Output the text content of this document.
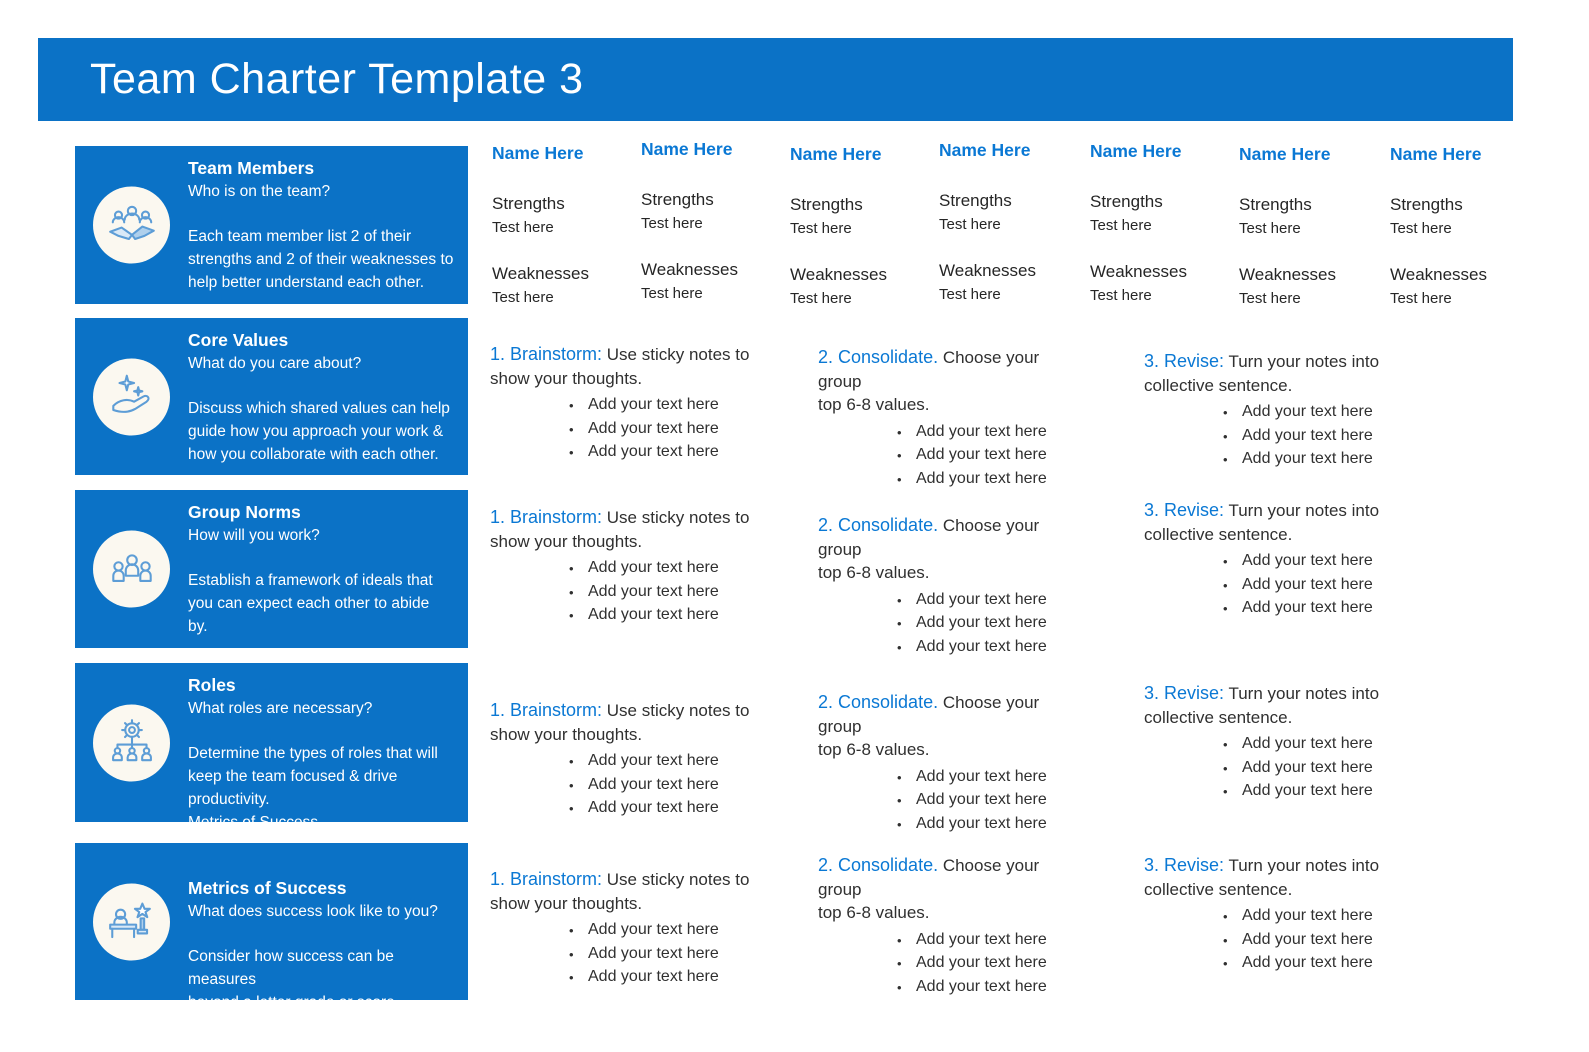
Team Charter Template 3
Team Members
Who is on the team?
Each team member list 2 of their
strengths and 2 of their weaknesses to
help better understand each other.
Core Values
What do you care about?
Discuss which shared values can help
guide how you approach your work &
how you collaborate with each other.
Group Norms
How will you work?
Establish a framework of ideals that
you can expect each other to abide
by.
Roles
What roles are necessary?
Determine the types of roles that will
keep the team focused & drive
productivity.
Metrics of Success
Metrics of Success
What does success look like to you?
Consider how success can be measures
beyond a letter grade or score
Name Here
Strengths
Test here
Weaknesses
Test here
Name Here
Strengths
Test here
Weaknesses
Test here
Name Here
Strengths
Test here
Weaknesses
Test here
Name Here
Strengths
Test here
Weaknesses
Test here
Name Here
Strengths
Test here
Weaknesses
Test here
Name Here
Strengths
Test here
Weaknesses
Test here
Name Here
Strengths
Test here
Weaknesses
Test here
1. Brainstorm: Use sticky notes to
show your thoughts.
• Add your text here
• Add your text here
• Add your text here
2. Consolidate. Choose your
group
top 6-8 values.
• Add your text here
• Add your text here
• Add your text here
3. Revise: Turn your notes into
collective sentence.
• Add your text here
• Add your text here
• Add your text here
1. Brainstorm: Use sticky notes to
show your thoughts.
• Add your text here
• Add your text here
• Add your text here
2. Consolidate. Choose your
group
top 6-8 values.
• Add your text here
• Add your text here
• Add your text here
3. Revise: Turn your notes into
collective sentence.
• Add your text here
• Add your text here
• Add your text here
1. Brainstorm: Use sticky notes to
show your thoughts.
• Add your text here
• Add your text here
• Add your text here
2. Consolidate. Choose your
group
top 6-8 values.
• Add your text here
• Add your text here
• Add your text here
3. Revise: Turn your notes into
collective sentence.
• Add your text here
• Add your text here
• Add your text here
1. Brainstorm: Use sticky notes to
show your thoughts.
• Add your text here
• Add your text here
• Add your text here
2. Consolidate. Choose your
group
top 6-8 values.
• Add your text here
• Add your text here
• Add your text here
3. Revise: Turn your notes into
collective sentence.
• Add your text here
• Add your text here
• Add your text here
